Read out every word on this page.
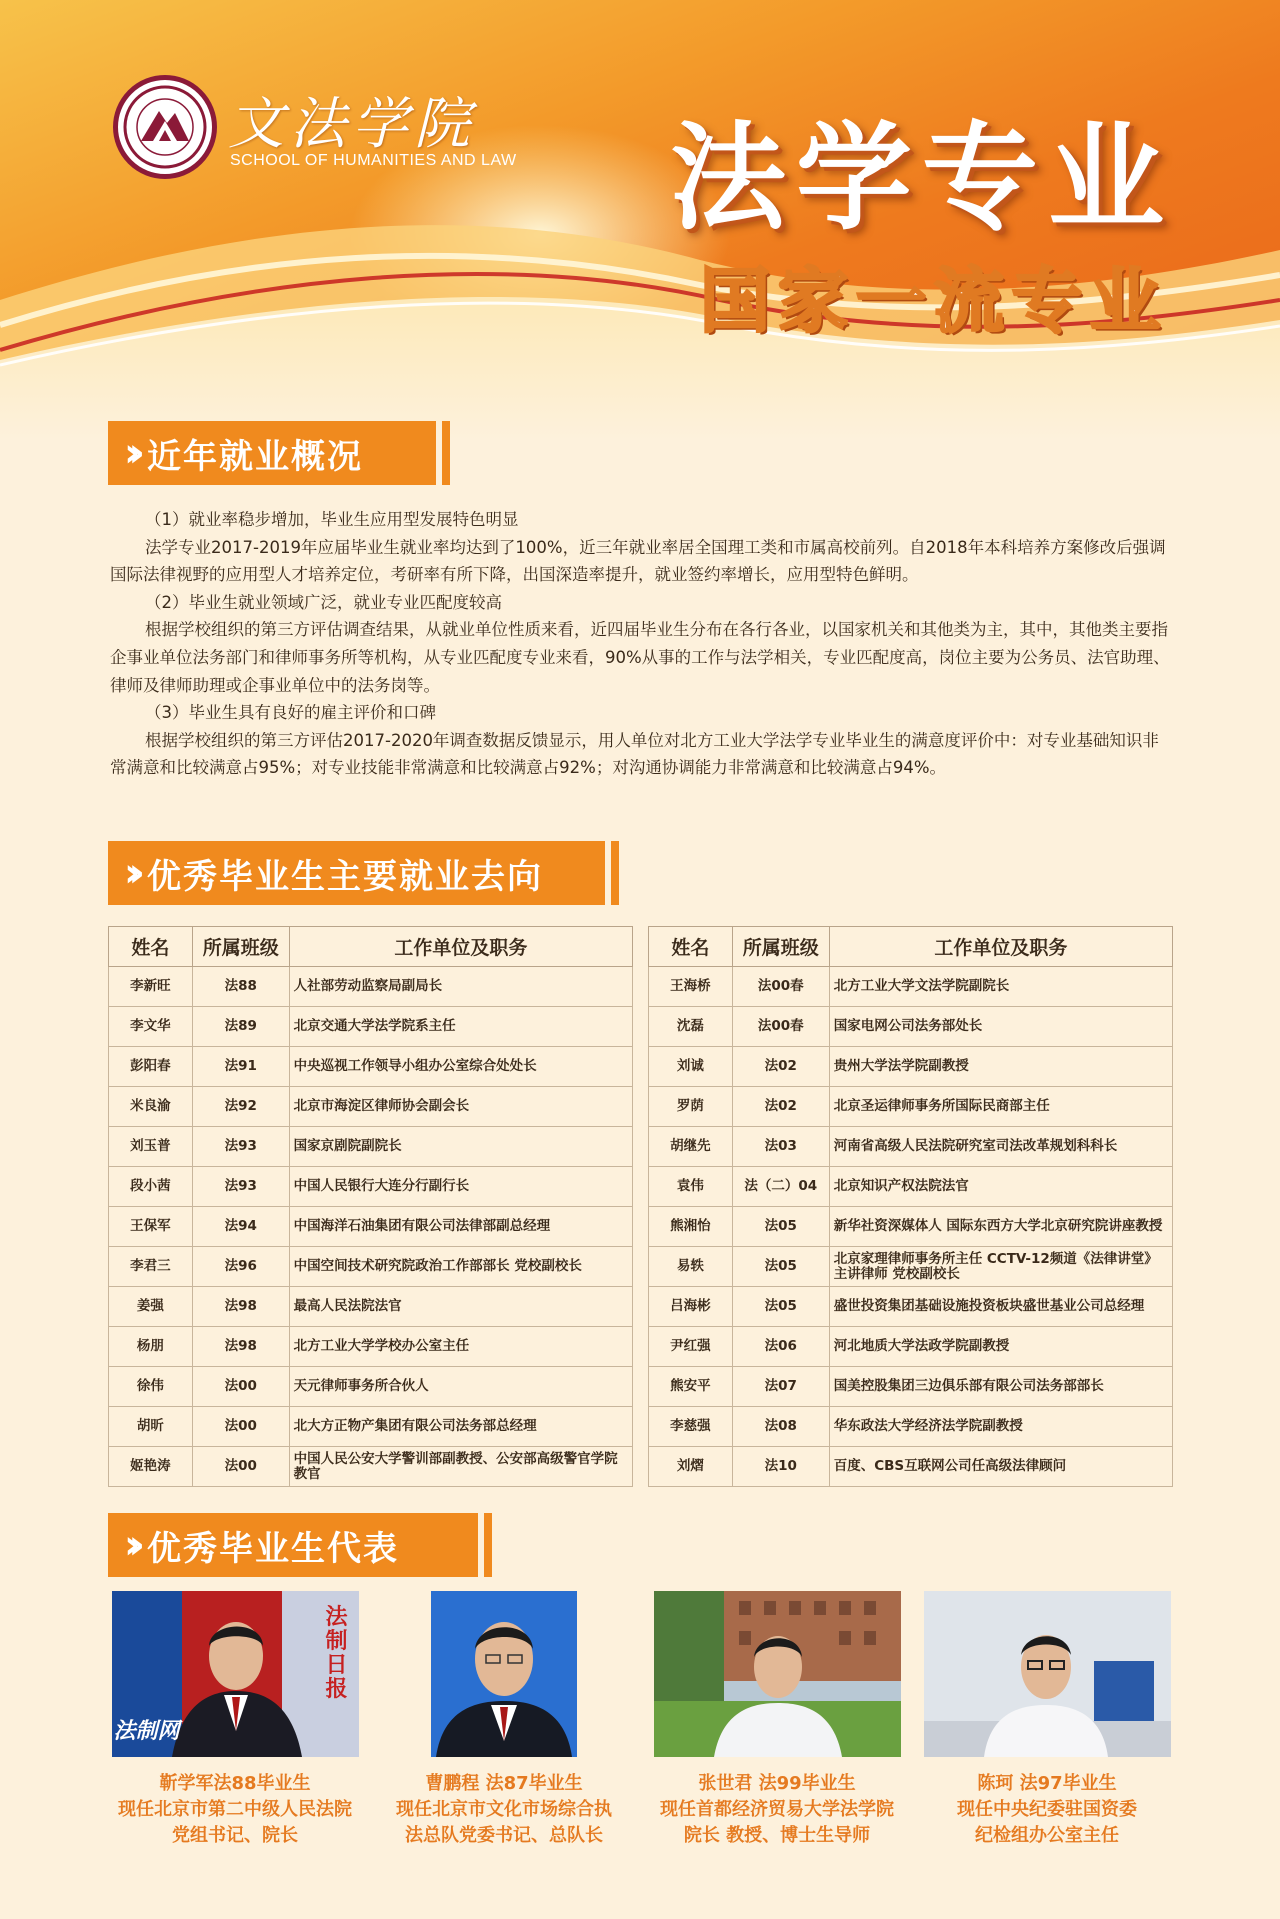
文法学院
SCHOOL OF HUMANITIES AND LAW 法学专业
国家一流专业
›› 近年就业概况

（1）就业率稳步增加，毕业生应用型发展特色明显

法学专业2017-2019年应届毕业生就业率均达到了100%，近三年就业率居全国理工类和市属高校前列。自2018年本科培养方案修改后强调国际法律视野的应用型人才培养定位，考研率有所下降，出国深造率提升，就业签约率增长，应用型特色鲜明。

（2）毕业生就业领域广泛，就业专业匹配度较高

根据学校组织的第三方评估调查结果，从就业单位性质来看，近四届毕业生分布在各行各业，以国家机关和其他类为主，其中，其他类主要指企事业单位法务部门和律师事务所等机构，从专业匹配度专业来看，90%从事的工作与法学相关，专业匹配度高，岗位主要为公务员、法官助理、律师及律师助理或企事业单位中的法务岗等。

（3）毕业生具有良好的雇主评价和口碑

根据学校组织的第三方评估2017-2020年调查数据反馈显示，用人单位对北方工业大学法学专业毕业生的满意度评价中：对专业基础知识非常满意和比较满意占95%；对专业技能非常满意和比较满意占92%；对沟通协调能力非常满意和比较满意占94%。

›› 优秀毕业生主要就业去向
姓名	所属班级	工作单位及职务
李新旺	法88	人社部劳动监察局副局长
李文华	法89	北京交通大学法学院系主任
彭阳春	法91	中央巡视工作领导小组办公室综合处处长
米良渝	法92	北京市海淀区律师协会副会长
刘玉普	法93	国家京剧院副院长
段小茜	法93	中国人民银行大连分行副行长
王保军	法94	中国海洋石油集团有限公司法律部副总经理
李君三	法96	中国空间技术研究院政治工作部部长 党校副校长
姜强	法98	最高人民法院法官
杨朋	法98	北方工业大学学校办公室主任
徐伟	法00	天元律师事务所合伙人
胡昕	法00	北大方正物产集团有限公司法务部总经理
姬艳涛	法00	中国人民公安大学警训部副教授、公安部高级警官学院教官
姓名	所属班级	工作单位及职务
王海桥	法00春	北方工业大学文法学院副院长
沈磊	法00春	国家电网公司法务部处长
刘诚	法02	贵州大学法学院副教授
罗荫	法02	北京圣运律师事务所国际民商部主任
胡继先	法03	河南省高级人民法院研究室司法改革规划科科长
袁伟	法（二）04	北京知识产权法院法官
熊湘怡	法05	新华社资深媒体人 国际东西方大学北京研究院讲座教授
易轶	法05	北京家理律师事务所主任 CCTV-12频道《法律讲堂》主讲律师 党校副校长
吕海彬	法05	盛世投资集团基础设施投资板块盛世基业公司总经理
尹红强	法06	河北地质大学法政学院副教授
熊安平	法07	国美控股集团三边俱乐部有限公司法务部部长
李慈强	法08	华东政法大学经济法学院副教授
刘熠	法10	百度、CBS互联网公司任高级法律顾问
›› 优秀毕业生代表
法制日报
法制网
靳学军法88毕业生
现任北京市第二中级人民法院
党组书记、院长
曹鹏程 法87毕业生
现任北京市文化市场综合执
法总队党委书记、总队长
张世君 法99毕业生
现任首都经济贸易大学法学院
院长 教授、博士生导师
陈珂 法97毕业生
现任中央纪委驻国资委
纪检组办公室主任
